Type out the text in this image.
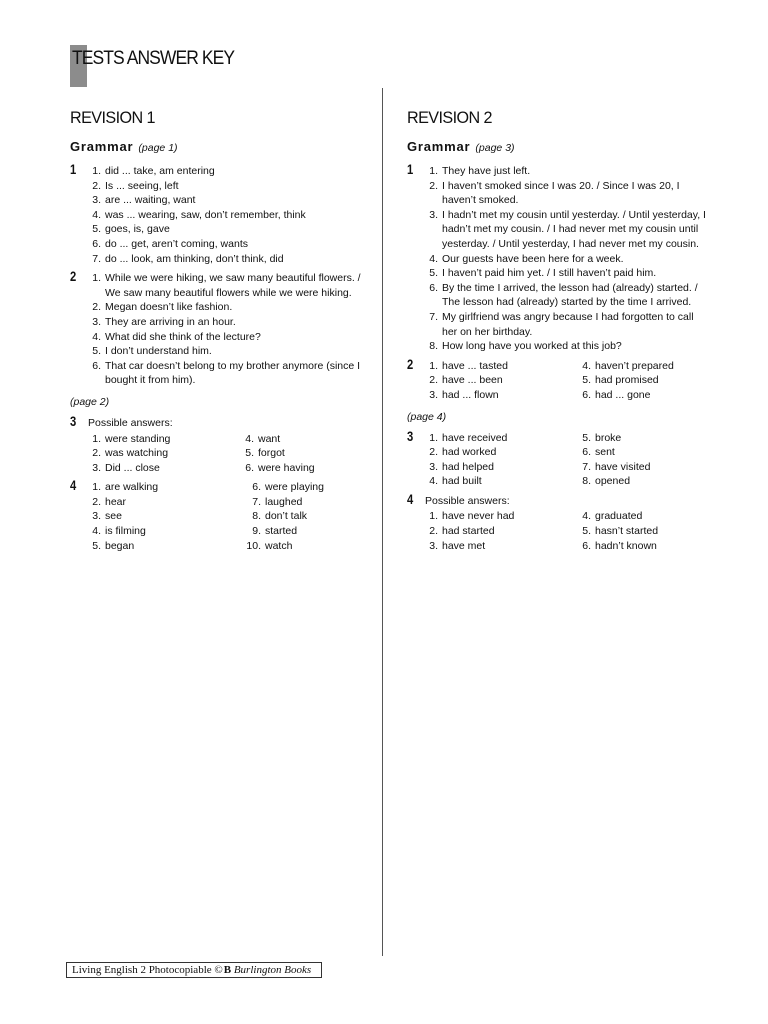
TESTS ANSWER KEY
REVISION 1
Grammar (page 1)
1	1. did ... take, am entering
2. Is ... seeing, left
3. are ... waiting, want
4. was ... wearing, saw, don’t remember, think
5. goes, is, gave
6. do ... get, aren’t coming, wants
7. do ... look, am thinking, don’t think, did
2	1. While we were hiking, we saw many beautiful flowers. / We saw many beautiful flowers while we were hiking.
2. Megan doesn’t like fashion.
3. They are arriving in an hour.
4. What did she think of the lecture?
5. I don’t understand him.
6. That car doesn’t belong to my brother anymore (since I bought it from him).
(page 2)
3 Possible answers:
1. were standing
2. was watching
3. Did ... close
4. want
5. forgot
6. were having
4	1. are walking
2. hear
3. see
4. is filming
5. began
6. were playing
7. laughed
8. don’t talk
9. started
10. watch
REVISION 2
Grammar (page 3)
1	1. They have just left.
2. I haven’t smoked since I was 20. / Since I was 20, I haven’t smoked.
3. I hadn’t met my cousin until yesterday. / Until yesterday, I hadn’t met my cousin. / I had never met my cousin until yesterday. / Until yesterday, I had never met my cousin.
4. Our guests have been here for a week.
5. I haven’t paid him yet. / I still haven’t paid him.
6. By the time I arrived, the lesson had (already) started. / The lesson had (already) started by the time I arrived.
7. My girlfriend was angry because I had forgotten to call her on her birthday.
8. How long have you worked at this job?
2	1. have ... tasted
2. have ... been
3. had ... flown
4. haven’t prepared
5. had promised
6. had ... gone
(page 4)
3	1. have received
2. had worked
3. had helped
4. had built
5. broke
6. sent
7. have visited
8. opened
4 Possible answers:
1. have never had
2. had started
3. have met
4. graduated
5. hasn’t started
6. hadn’t known
Living English 2 Photocopiable ©B Burlington Books
